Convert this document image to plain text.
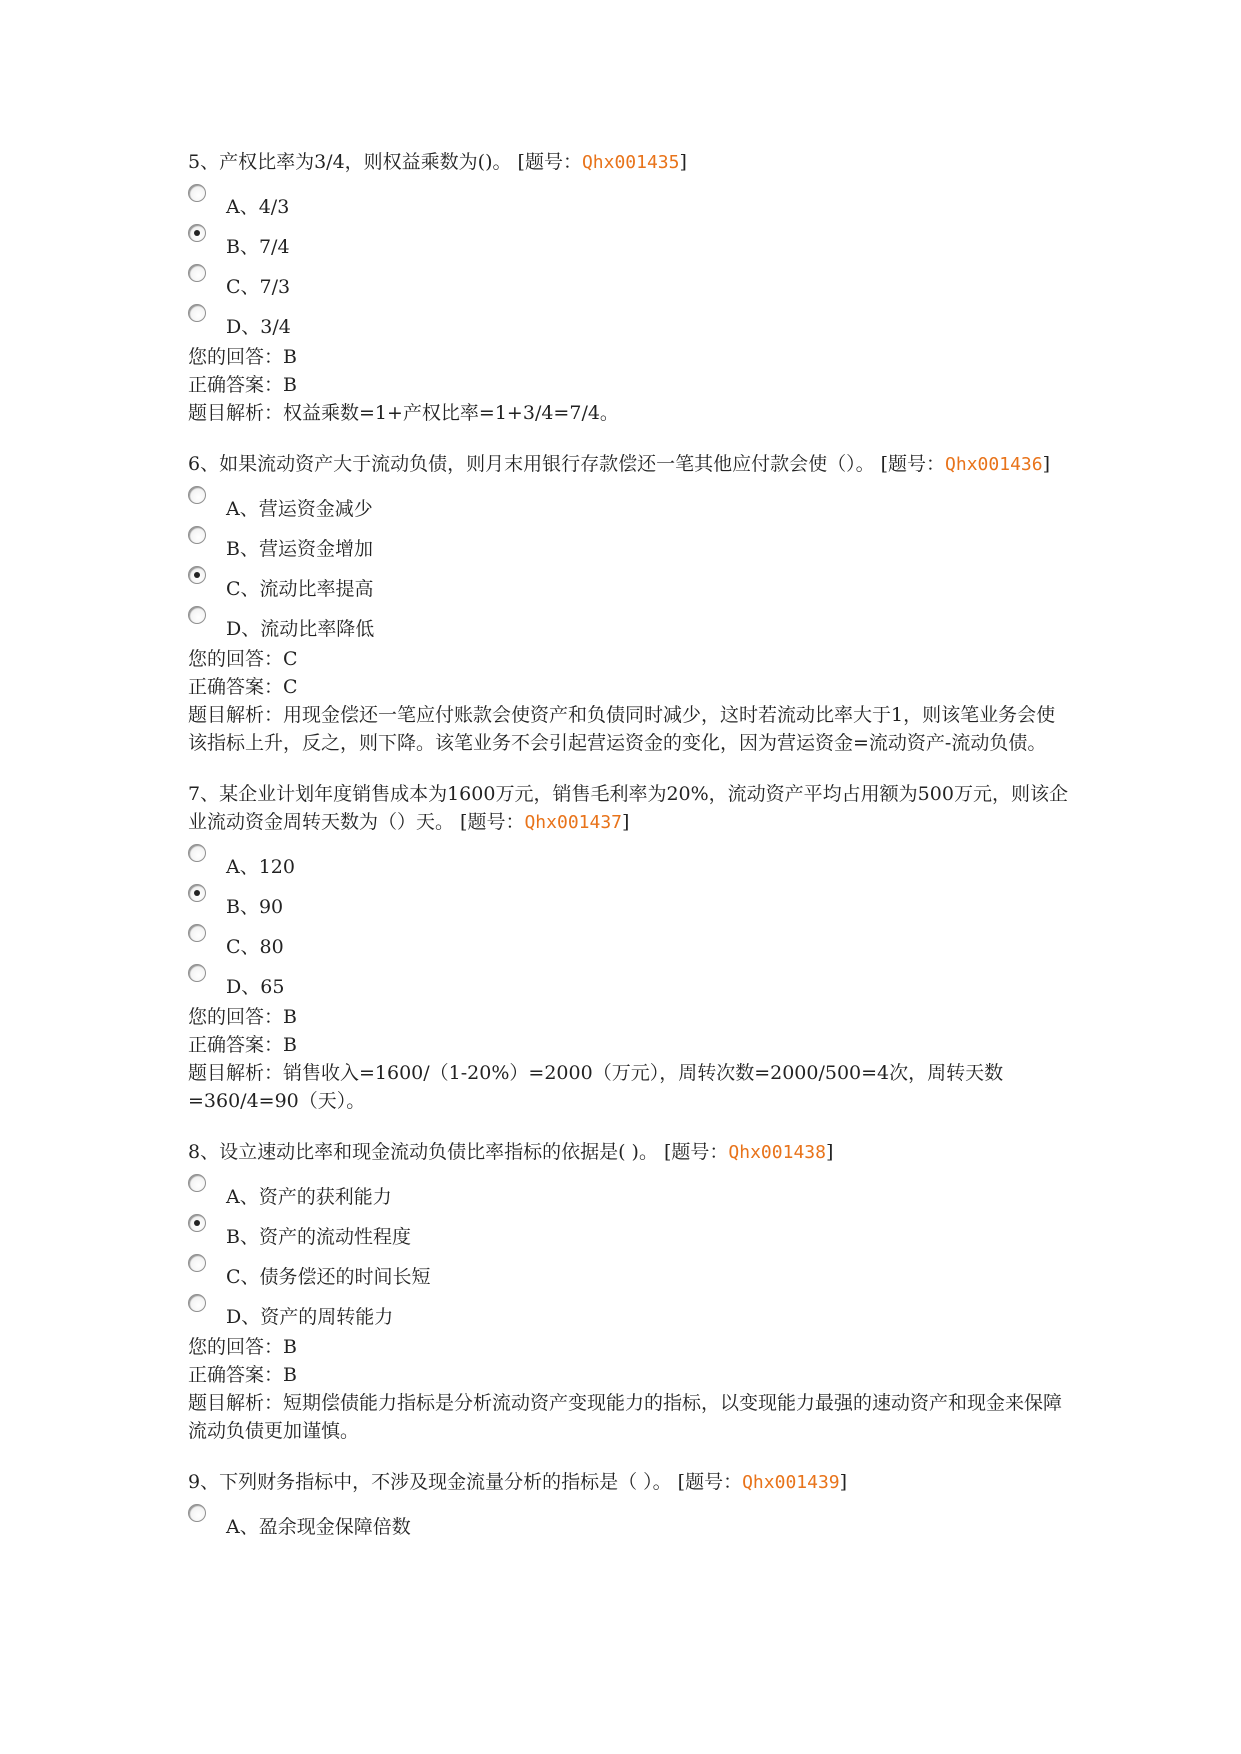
5、产权比率为3/4，则权益乘数为()。 [题号：Qhx001435]
A、4/3
B、7/4
C、7/3
D、3/4

您的回答：B

正确答案：B

题目解析：权益乘数=1+产权比率=1+3/4=7/4。

6、如果流动资产大于流动负债，则月末用银行存款偿还一笔其他应付款会使（）。 [题号：Qhx001436]
A、营运资金减少
B、营运资金增加
C、流动比率提高
D、流动比率降低

您的回答：C

正确答案：C

题目解析：用现金偿还一笔应付账款会使资产和负债同时减少，这时若流动比率大于1，则该笔业务会使该指标上升，反之，则下降。该笔业务不会引起营运资金的变化，因为营运资金=流动资产-流动负债。

7、某企业计划年度销售成本为1600万元，销售毛利率为20%，流动资产平均占用额为500万元，则该企业流动资金周转天数为（）天。 [题号：Qhx001437]
A、120
B、90
C、80
D、65

您的回答：B

正确答案：B

题目解析：销售收入=1600/（1-20%）=2000（万元），周转次数=2000/500=4次，周转天数=360/4=90（天）。

8、设立速动比率和现金流动负债比率指标的依据是( )。 [题号：Qhx001438]
A、资产的获利能力
B、资产的流动性程度
C、债务偿还的时间长短
D、资产的周转能力

您的回答：B

正确答案：B

题目解析：短期偿债能力指标是分析流动资产变现能力的指标，以变现能力最强的速动资产和现金来保障流动负债更加谨慎。

9、下列财务指标中，不涉及现金流量分析的指标是（ ）。 [题号：Qhx001439]
A、盈余现金保障倍数
